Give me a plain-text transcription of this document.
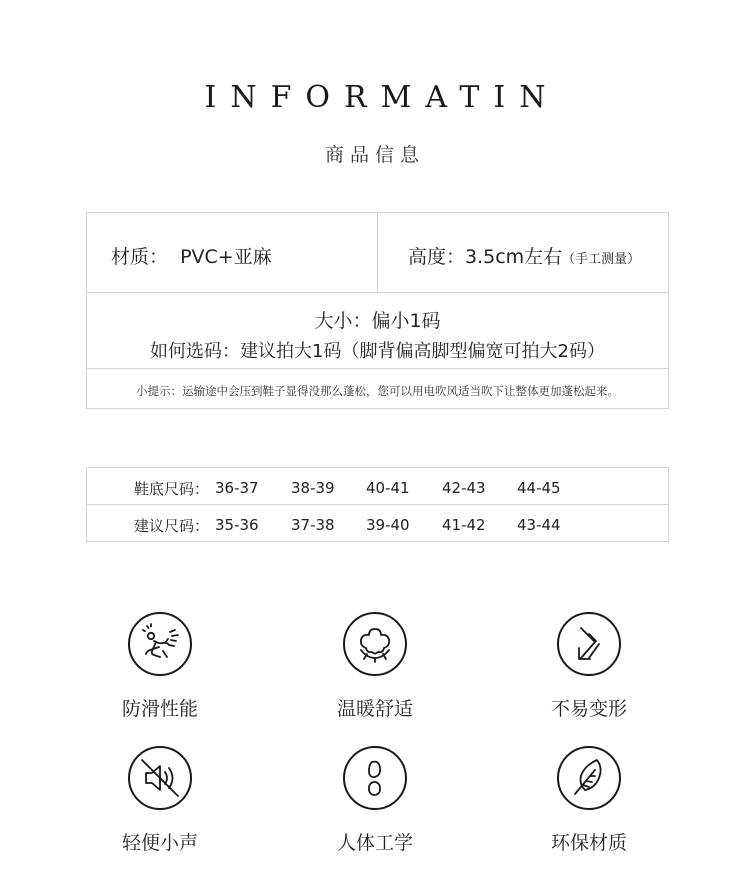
INFORMATIN
商品信息
材质：  PVC+亚麻	高度：3.5cm左右（手工测量）
大小：偏小1码
如何选码：建议拍大1码（脚背偏高脚型偏宽可拍大2码）
小提示：运输途中会压到鞋子显得没那么蓬松，您可以用电吹风适当吹下让整体更加蓬松起来。
鞋底尺码： 36-37 38-39 40-41 42-43 44-45
建议尺码： 35-36 37-38 39-40 41-42 43-44
防滑性能	温暖舒适	不易变形
轻便小声	人体工学	环保材质
